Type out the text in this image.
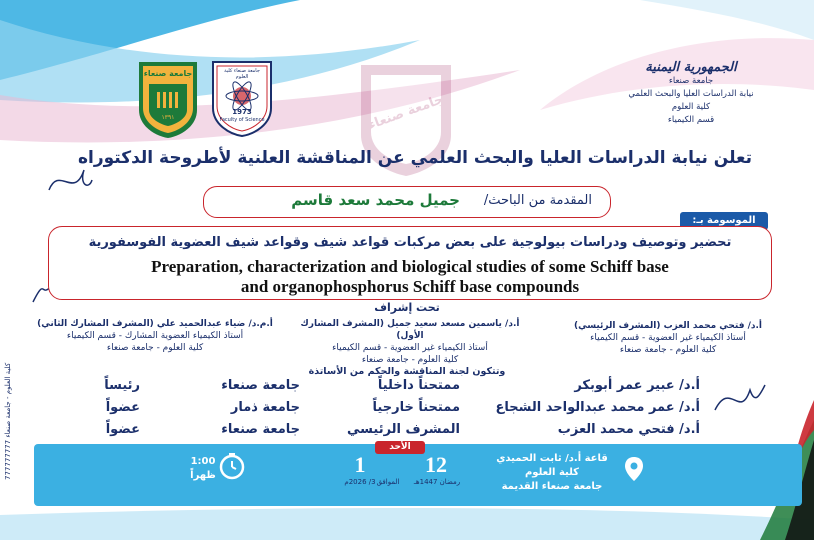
كلية العلوم - جامعة صنعاء 777777777
الجمهورية اليمنية
جامعة صنعاء
نيابة الدراسات العليا والبحث العلمي
كلية العلوم
قسم الكيمياء
جامعة صنعاء كلية العلوم
1973
Faculty of Science
جامعة صنعاء
١٣٩١	جامعة صنعاء
تعلن نيابة الدراسات العليا والبحث العلمي عن المناقشة العلنية لأطروحة الدكتوراه
المقدمة من الباحث/
جميل محمد سعد قاسم
الموسومة بـ:
تحضير وتوصيف ودراسات بيولوجية على بعض مركبات قواعد شيف وقواعد شيف العضوية الفوسفورية
Preparation, characterization and biological studies of some Schiff base
and organophosphorus Schiff base compounds
تحت إشراف
أ.د/ فتحي محمد العزب (المشرف الرئيسي)
أستاذ الكيمياء غير العضوية - قسم الكيمياء
كلية العلوم - جامعة صنعاء
أ.د/ ياسمين مسعد سعيد جميل (المشرف المشارك الأول)
أستاذ الكيمياء غير العضوية - قسم الكيمياء
كلية العلوم - جامعة صنعاء
أ.م.د/ ضياء عبدالحميد علي (المشرف المشارك الثاني)
أستاذ الكيمياء العضوية المشارك - قسم الكيمياء
كلية العلوم - جامعة صنعاء
وتتكون لجنة المناقشة والحكم من الأساتذة
أ.د/ عبير عمر أبوبكر
ممتحناً داخلياً
جامعة صنعاء
رئيساً
أ.د/ عمر محمد عبدالواحد الشجاع
ممتحناً خارجياً
جامعة ذمار
عضواً
أ.د/ فتحي محمد العزب
المشرف الرئيسي
جامعة صنعاء
عضواً
قاعة أ.د/ ثابت الحميدي
كلية العلوم
جامعة صنعاء القديمة
الأحد
12
رمضان 1447هـ
الموافق
1
3/ 2026م
1:00
ظهراً
